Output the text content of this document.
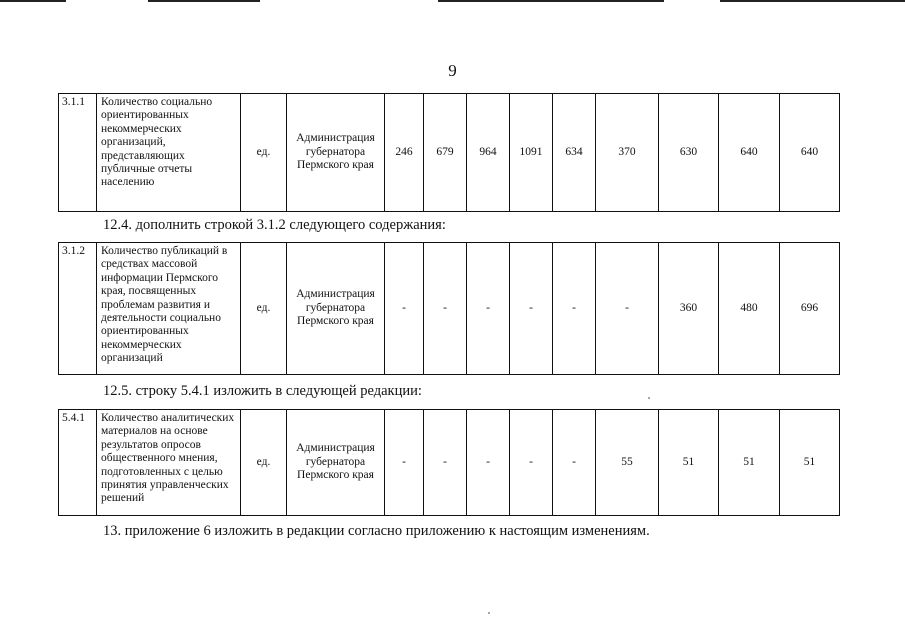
9
3.1.1	Количество социально ориентированных некоммерческих организаций, представляющих публичные отчеты населению	ед.	Администрация губернатора Пермского края	246	679	964	1091	634	370	630	640	640
12.4. дополнить строкой 3.1.2 следующего содержания:
3.1.2	Количество публикаций в средствах массовой информации Пермского края, посвященных проблемам развития и деятельности социально ориентированных некоммерческих организаций	ед.	Администрация губернатора Пермского края	-	-	-	-	-	-	360	480	696
12.5. строку 5.4.1 изложить в следующей редакции:
5.4.1	Количество аналитических материалов на основе результатов опросов общественного мнения, подготовленных с целью принятия управленческих решений	ед.	Администрация губернатора Пермского края	-	-	-	-	-	55	51	51	51
13. приложение 6 изложить в редакции согласно приложению к настоящим изменениям.
